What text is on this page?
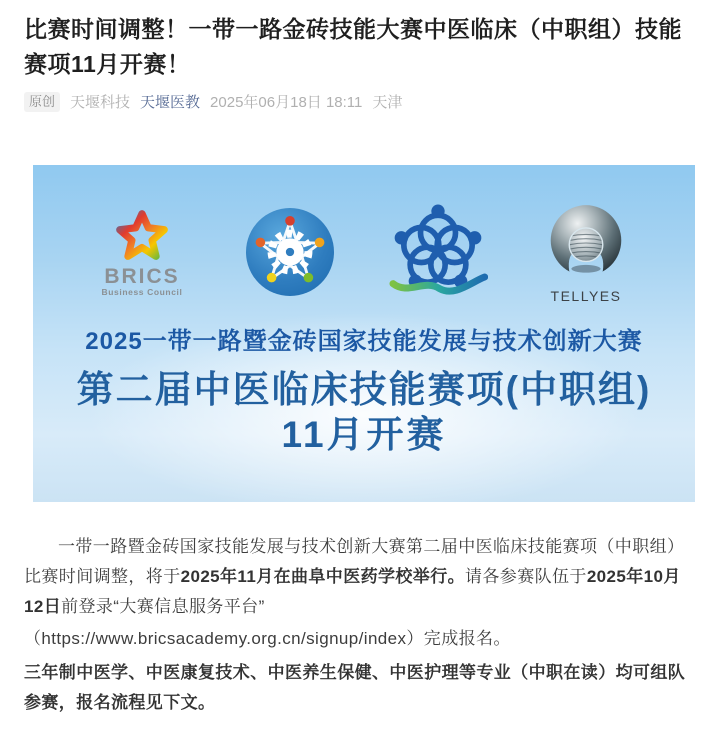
比赛时间调整！一带一路金砖技能大赛中医临床（中职组）技能赛项11月开赛！
原创	天堰科技 天堰医教 2025年06月18日 18:11 天津
BRICS
Business Council	TELLYES
2025一带一路暨金砖国家技能发展与技术创新大赛
第二届中医临床技能赛项(中职组)
11月开赛

一带一路暨金砖国家技能发展与技术创新大赛第二届中医临床技能赛项（中职组）比赛时间调整，将于2025年11月在曲阜中医药学校举行。请各参赛队伍于2025年10月12日前登录“大赛信息服务平台”

（https://www.bricsacademy.org.cn/signup/index）完成报名。

三年制中医学、中医康复技术、中医养生保健、中医护理等专业（中职在读）均可组队参赛，报名流程见下文。
